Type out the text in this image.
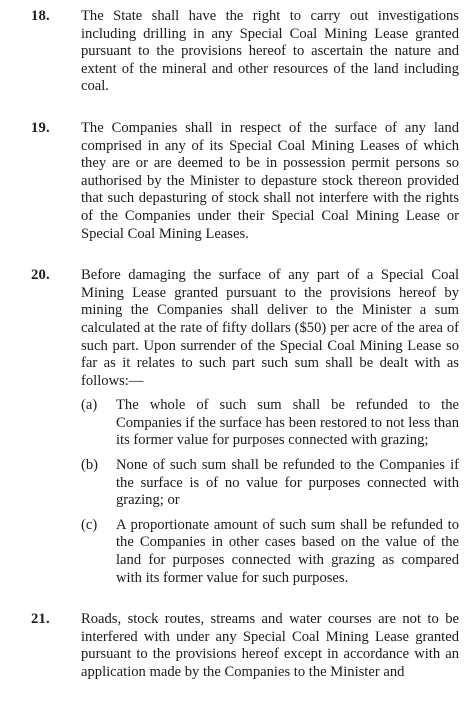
18. The State shall have the right to carry out investigations including drilling in any Special Coal Mining Lease granted pursuant to the provisions hereof to ascertain the nature and extent of the mineral and other resources of the land including coal.
19. The Companies shall in respect of the surface of any land comprised in any of its Special Coal Mining Leases of which they are or are deemed to be in possession permit persons so authorised by the Minister to depasture stock thereon provided that such depasturing of stock shall not interfere with the rights of the Companies under their Special Coal Mining Lease or Special Coal Mining Leases.
20. Before damaging the surface of any part of a Special Coal Mining Lease granted pursuant to the provisions hereof by mining the Companies shall deliver to the Minister a sum calculated at the rate of fifty dollars ($50) per acre of the area of such part. Upon surrender of the Special Coal Mining Lease so far as it relates to such part such sum shall be dealt with as follows:—
(a) The whole of such sum shall be refunded to the Companies if the surface has been restored to not less than its former value for purposes connected with grazing;
(b) None of such sum shall be refunded to the Companies if the surface is of no value for purposes connected with grazing; or
(c) A proportionate amount of such sum shall be refunded to the Companies in other cases based on the value of the land for purposes connected with grazing as compared with its former value for such purposes.
21. Roads, stock routes, streams and water courses are not to be interfered with under any Special Coal Mining Lease granted pursuant to the provisions hereof except in accordance with an application made by the Companies to the Minister and
